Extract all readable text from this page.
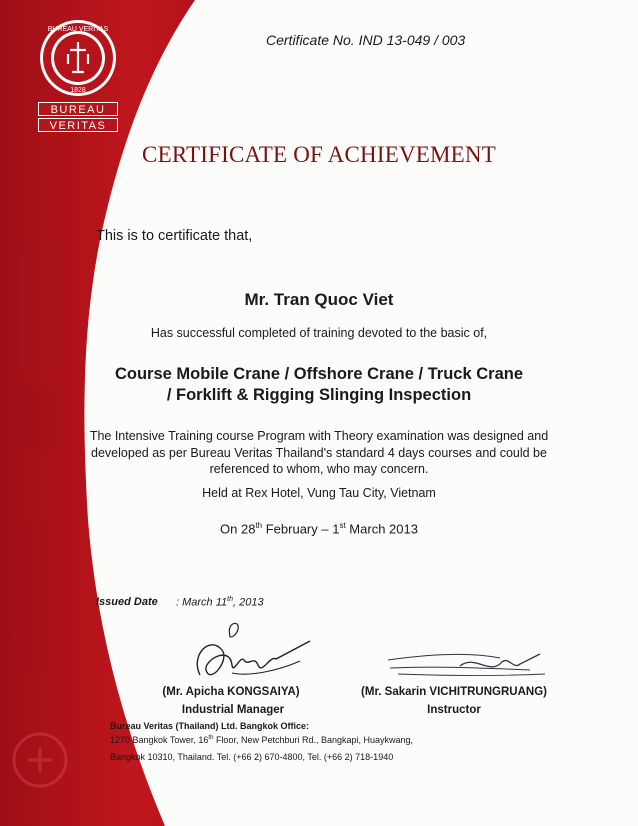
BUREAU VERITAS
1828
BUREAU
VERITAS
Certificate No. IND 13-049 / 003
CERTIFICATE OF ACHIEVEMENT
This is to certificate that,
Mr. Tran Quoc Viet
Has successful completed of training devoted to the basic of,
Course Mobile Crane / Offshore Crane / Truck Crane
/ Forklift & Rigging Slinging Inspection
The Intensive Training course Program with Theory examination was designed and
developed as per Bureau Veritas Thailand's standard 4 days courses and could be
referenced to whom, who may concern.
Held at Rex Hotel, Vung Tau City, Vietnam
On 28th February – 1st March 2013
Issued Date : March 11th, 2013
(Mr. Apicha KONGSAIYA)
Industrial Manager
(Mr. Sakarin VICHITRUNGRUANG)
Instructor
Bureau Veritas (Thailand) Ltd. Bangkok Office:
1270 Bangkok Tower, 16th Floor, New Petchburi Rd., Bangkapi, Huaykwang,
Bangkok 10310, Thailand. Tel. (+66 2) 670-4800, Tel. (+66 2) 718-1940
